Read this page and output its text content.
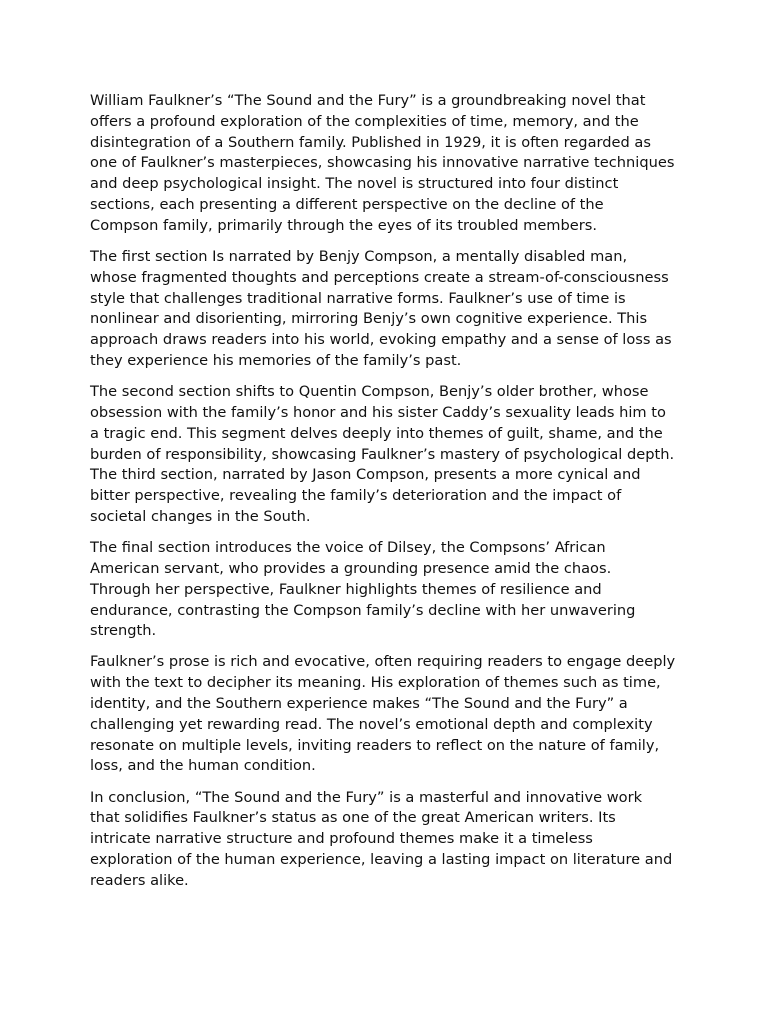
William Faulkner’s “The Sound and the Fury” is a groundbreaking novel that offers a profound exploration of the complexities of time, memory, and the disintegration of a Southern family. Published in 1929, it is often regarded as one of Faulkner’s masterpieces, showcasing his innovative narrative techniques and deep psychological insight. The novel is structured into four distinct sections, each presenting a different perspective on the decline of the Compson family, primarily through the eyes of its troubled members.

The first section Is narrated by Benjy Compson, a mentally disabled man, whose fragmented thoughts and perceptions create a stream-of-consciousness style that challenges traditional narrative forms. Faulkner’s use of time is nonlinear and disorienting, mirroring Benjy’s own cognitive experience. This approach draws readers into his world, evoking empathy and a sense of loss as they experience his memories of the family’s past.

The second section shifts to Quentin Compson, Benjy’s older brother, whose obsession with the family’s honor and his sister Caddy’s sexuality leads him to a tragic end. This segment delves deeply into themes of guilt, shame, and the burden of responsibility, showcasing Faulkner’s mastery of psychological depth. The third section, narrated by Jason Compson, presents a more cynical and bitter perspective, revealing the family’s deterioration and the impact of societal changes in the South.

The final section introduces the voice of Dilsey, the Compsons’ African American servant, who provides a grounding presence amid the chaos. Through her perspective, Faulkner highlights themes of resilience and endurance, contrasting the Compson family’s decline with her unwavering strength.

Faulkner’s prose is rich and evocative, often requiring readers to engage deeply with the text to decipher its meaning. His exploration of themes such as time, identity, and the Southern experience makes “The Sound and the Fury” a challenging yet rewarding read. The novel’s emotional depth and complexity resonate on multiple levels, inviting readers to reflect on the nature of family, loss, and the human condition.

In conclusion, “The Sound and the Fury” is a masterful and innovative work that solidifies Faulkner’s status as one of the great American writers. Its intricate narrative structure and profound themes make it a timeless exploration of the human experience, leaving a lasting impact on literature and readers alike.
